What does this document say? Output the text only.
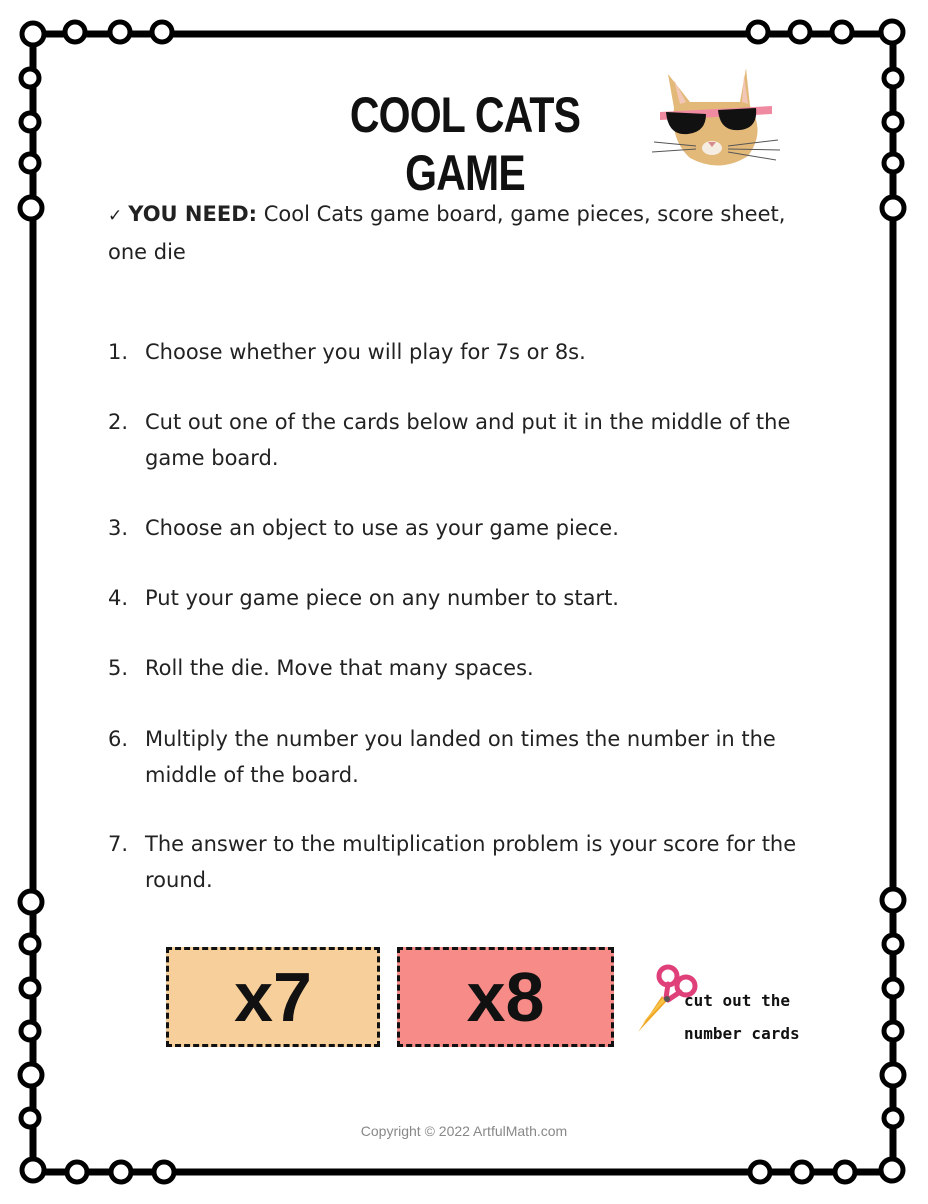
COOL CATS GAME
✓ YOU NEED: Cool Cats game board, game pieces, score sheet, one die
1. Choose whether you will play for 7s or 8s.
2. Cut out one of the cards below and put it in the middle of the game board.
3. Choose an object to use as your game piece.
4. Put your game piece on any number to start.
5. Roll the die. Move that many spaces.
6. Multiply the number you landed on times the number in the middle of the board.
7. The answer to the multiplication problem is your score for the round.
x7	x8	cut out the
number cards
Copyright © 2022 ArtfulMath.com
